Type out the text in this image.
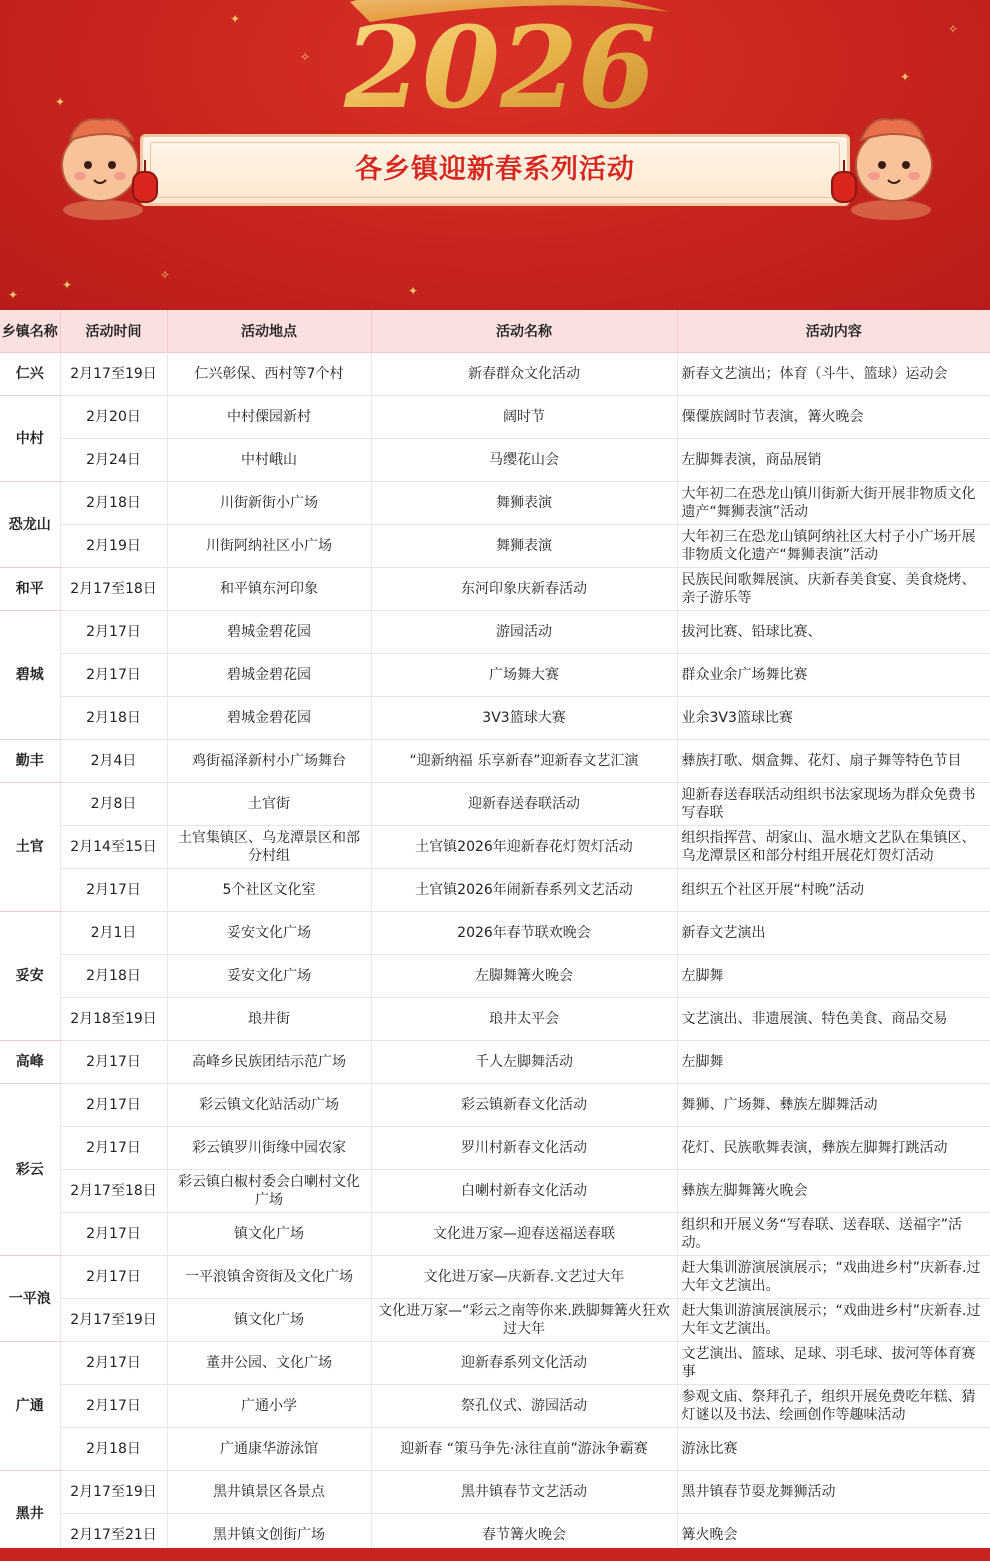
✦
✦
✧
✦
✧
✦
✧
✦
✦
2026
各乡镇迎新春系列活动
乡镇名称	活动时间	活动地点	活动名称	活动内容
仁兴	2月17至19日	仁兴彰保、西村等7个村	新春群众文化活动	新春文艺演出；体育（斗牛、篮球）运动会
中村	2月20日	中村傈园新村	阔时节	傈僳族阔时节表演，篝火晚会
	2月24日	中村峨山	马缨花山会	左脚舞表演，商品展销
恐龙山	2月18日	川街新街小广场	舞狮表演	大年初二在恐龙山镇川街新大街开展非物质文化遗产“舞狮表演”活动
	2月19日	川街阿纳社区小广场	舞狮表演	大年初三在恐龙山镇阿纳社区大村子小广场开展非物质文化遗产“舞狮表演”活动
和平	2月17至18日	和平镇东河印象	东河印象庆新春活动	民族民间歌舞展演、庆新春美食宴、美食烧烤、亲子游乐等
碧城	2月17日	碧城金碧花园	游园活动	拔河比赛、铅球比赛、
	2月17日	碧城金碧花园	广场舞大赛	群众业余广场舞比赛
	2月18日	碧城金碧花园	3V3篮球大赛	业余3V3篮球比赛
勤丰	2月4日	鸡街福泽新村小广场舞台	“迎新纳福 乐享新春”迎新春文艺汇演	彝族打歌、烟盒舞、花灯、扇子舞等特色节目
土官	2月8日	土官街	迎新春送春联活动	迎新春送春联活动组织书法家现场为群众免费书写春联
	2月14至15日	土官集镇区、乌龙潭景区和部分村组	土官镇2026年迎新春花灯贺灯活动	组织指挥营、胡家山、温水塘文艺队在集镇区、乌龙潭景区和部分村组开展花灯贺灯活动
	2月17日	5个社区文化室	土官镇2026年闹新春系列文艺活动	组织五个社区开展“村晚”活动
妥安	2月1日	妥安文化广场	2026年春节联欢晚会	新春文艺演出
	2月18日	妥安文化广场	左脚舞篝火晚会	左脚舞
	2月18至19日	琅井街	琅井太平会	文艺演出、非遗展演、特色美食、商品交易
高峰	2月17日	高峰乡民族团结示范广场	千人左脚舞活动	左脚舞
彩云	2月17日	彩云镇文化站活动广场	彩云镇新春文化活动	舞狮、广场舞、彝族左脚舞活动
	2月17日	彩云镇罗川街缘中园农家	罗川村新春文化活动	花灯、民族歌舞表演，彝族左脚舞打跳活动
	2月17至18日	彩云镇白椒村委会白喇村文化广场	白喇村新春文化活动	彝族左脚舞篝火晚会
	2月17日	镇文化广场	文化进万家—迎春送福送春联	组织和开展义务“写春联、送春联、送福字”活动。
一平浪	2月17日	一平浪镇舍资街及文化广场	文化进万家—庆新春.文艺过大年	赶大集训游演展演展示；“戏曲进乡村”庆新春.过大年文艺演出。
	2月17至19日	镇文化广场	文化进万家—“彩云之南等你来.跌脚舞篝火狂欢过大年	赶大集训游演展演展示；“戏曲进乡村”庆新春.过大年文艺演出。
广通	2月17日	董井公园、文化广场	迎新春系列文化活动	文艺演出、篮球、足球、羽毛球、拔河等体育赛事
	2月17日	广通小学	祭孔仪式、游园活动	参观文庙、祭拜孔子，组织开展免费吃年糕、猜灯谜以及书法、绘画创作等趣味活动
	2月18日	广通康华游泳馆	迎新春 “策马争先·泳往直前”游泳争霸赛	游泳比赛
黑井	2月17至19日	黑井镇景区各景点	黑井镇春节文艺活动	黑井镇春节耍龙舞狮活动
	2月17至21日	黑井镇文创街广场	春节篝火晚会	篝火晚会
